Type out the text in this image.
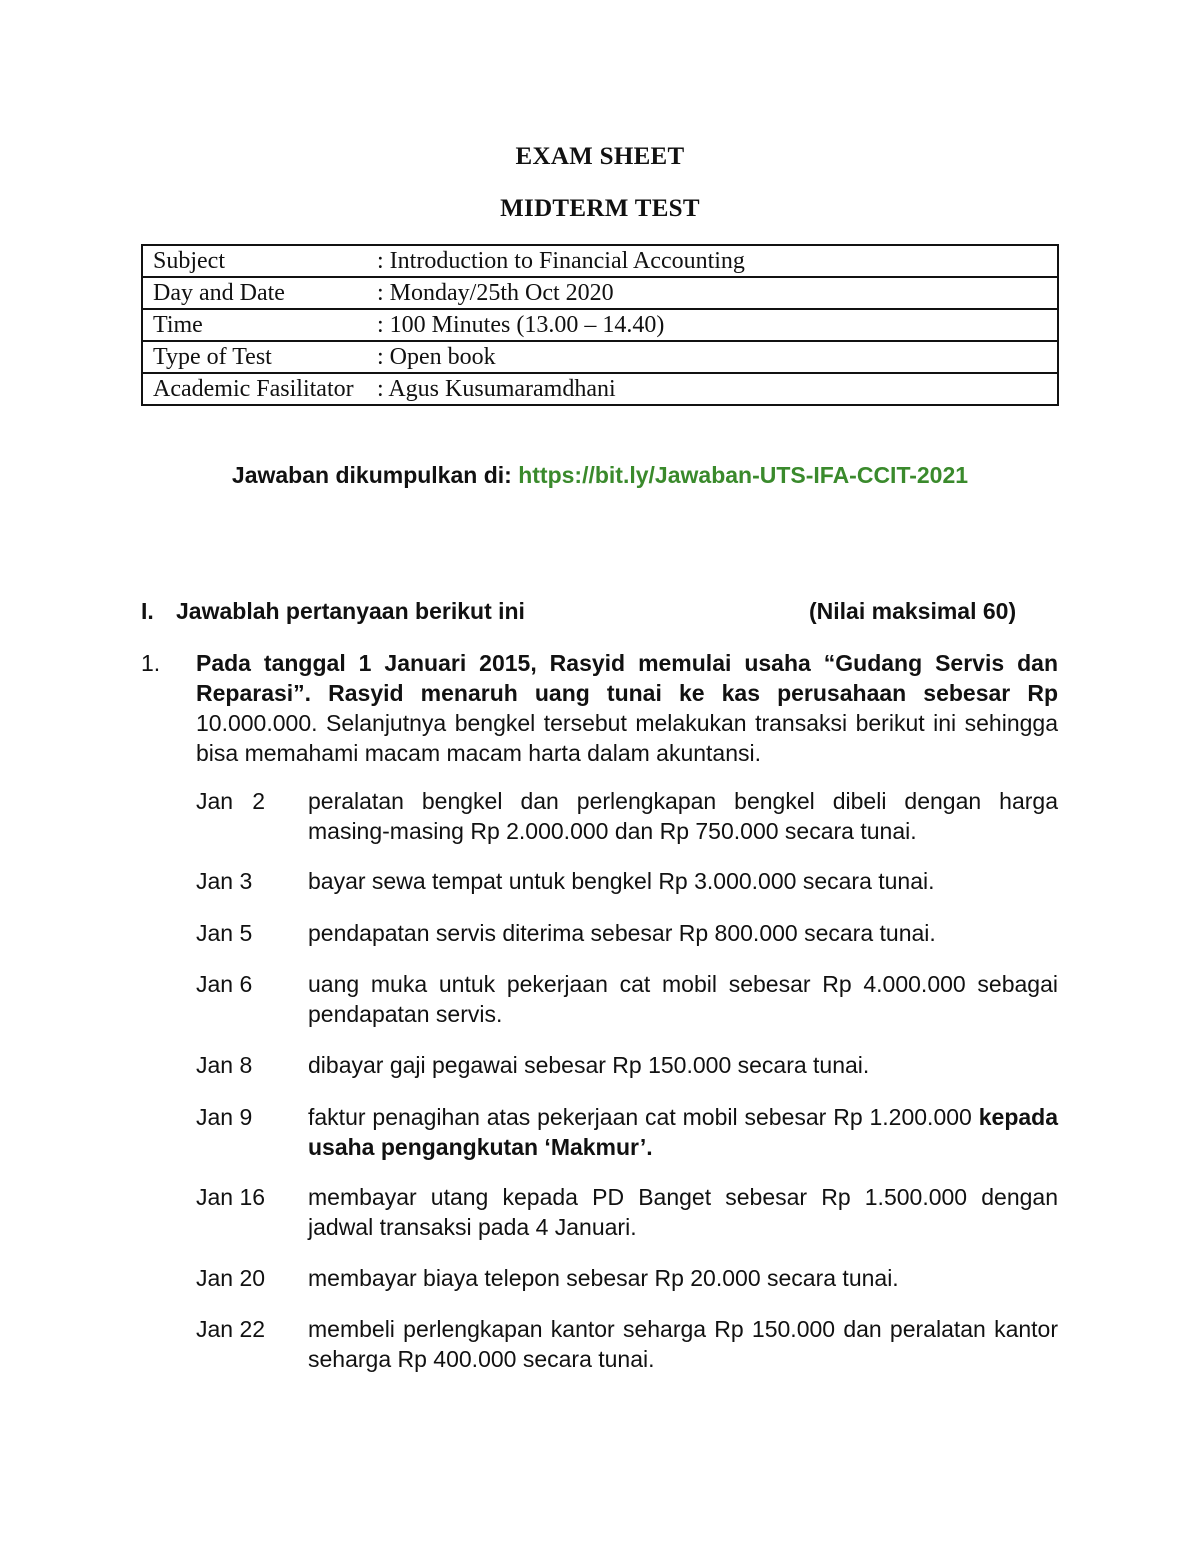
EXAM SHEET
MIDTERM TEST
Subject	: Introduction to Financial Accounting
Day and Date	: Monday/25th Oct 2020
Time	: 100 Minutes (13.00 – 14.40)
Type of Test	: Open book
Academic Fasilitator	: Agus Kusumaramdhani
Jawaban dikumpulkan di: https://bit.ly/Jawaban-UTS-IFA-CCIT-2021
I. Jawablah pertanyaan berikut ini	(Nilai maksimal 60)
1. Pada tanggal 1 Januari 2015, Rasyid memulai usaha “Gudang Servis dan Reparasi”. Rasyid menaruh uang tunai ke kas perusahaan sebesar Rp 10.000.000. Selanjutnya bengkel tersebut melakukan transaksi berikut ini sehingga bisa memahami macam macam harta dalam akuntansi.
Jan   2	peralatan bengkel dan perlengkapan bengkel dibeli dengan harga masing-masing Rp 2.000.000 dan Rp 750.000 secara tunai.
Jan 3	bayar sewa tempat untuk bengkel Rp 3.000.000 secara tunai.
Jan 5	pendapatan servis diterima sebesar Rp 800.000 secara tunai.
Jan 6	uang muka untuk pekerjaan cat mobil sebesar Rp 4.000.000 sebagai pendapatan servis.
Jan 8	dibayar gaji pegawai sebesar Rp 150.000 secara tunai.
Jan 9	faktur penagihan atas pekerjaan cat mobil sebesar Rp 1.200.000 kepada usaha pengangkutan ‘Makmur’.
Jan 16	membayar utang kepada PD Banget sebesar Rp 1.500.000 dengan jadwal transaksi pada 4 Januari.
Jan 20	membayar biaya telepon sebesar Rp 20.000 secara tunai.
Jan 22	membeli perlengkapan kantor seharga Rp 150.000 dan peralatan kantor seharga Rp 400.000 secara tunai.
